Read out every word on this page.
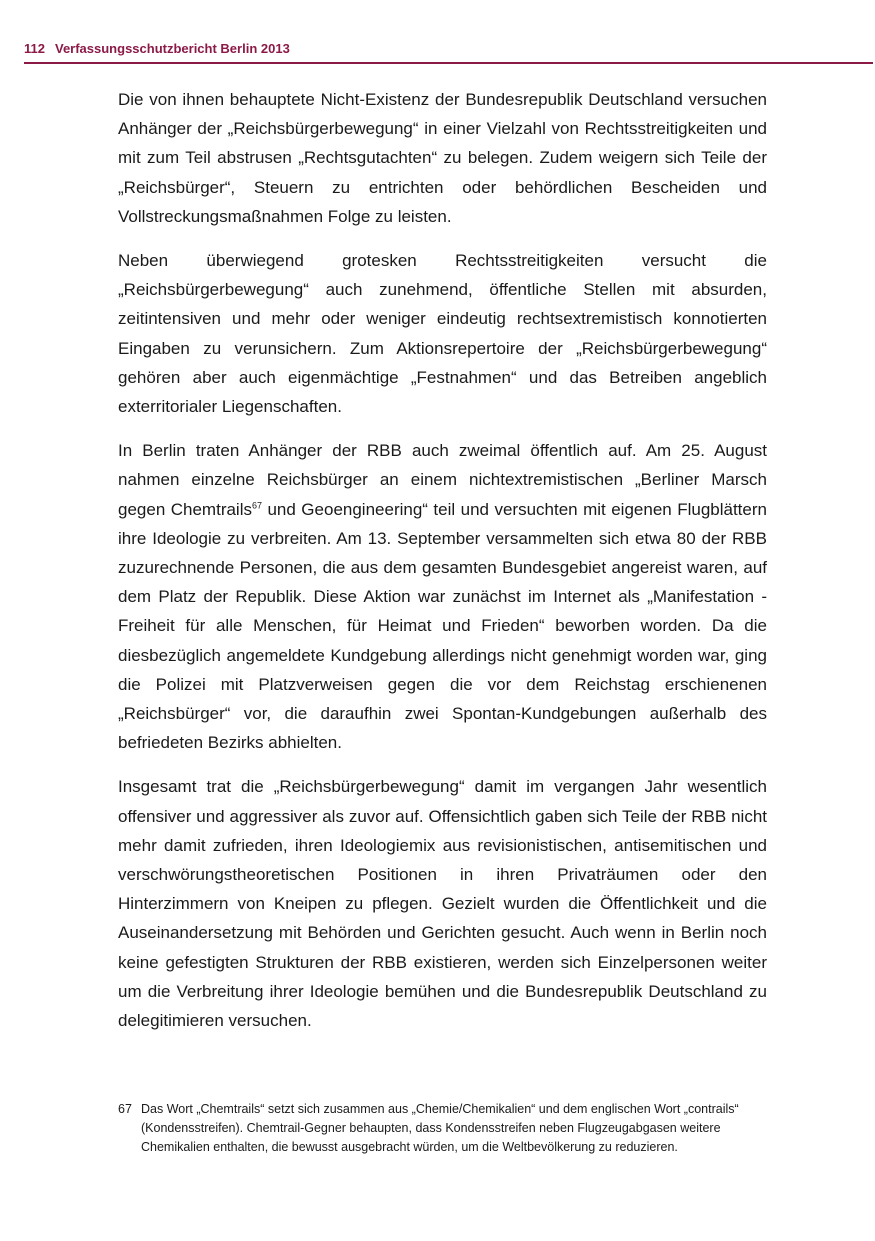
112 Verfassungsschutzbericht Berlin 2013

Die von ihnen behauptete Nicht-Existenz der Bundesrepublik Deutschland versuchen Anhänger der „Reichsbürgerbewegung“ in einer Vielzahl von Rechtsstreitigkeiten und mit zum Teil abstrusen „Rechtsgutachten“ zu belegen. Zudem weigern sich Teile der „Reichsbürger“, Steuern zu entrichten oder behördlichen Bescheiden und Vollstreckungsmaßnahmen Folge zu leisten.

Neben überwiegend grotesken Rechtsstreitigkeiten versucht die „Reichsbürgerbewegung“ auch zunehmend, öffentliche Stellen mit absurden, zeitintensiven und mehr oder weniger eindeutig rechtsextremistisch konnotierten Eingaben zu verunsichern. Zum Aktionsrepertoire der „Reichsbürgerbewegung“ gehören aber auch eigenmächtige „Festnahmen“ und das Betreiben angeblich exterritorialer Liegenschaften.

In Berlin traten Anhänger der RBB auch zweimal öffentlich auf. Am 25. August nahmen einzelne Reichsbürger an einem nichtextremistischen „Berliner Marsch gegen Chemtrails$^{67}$ und Geoengineering“ teil und versuchten mit eigenen Flugblättern ihre Ideologie zu verbreiten. Am 13. September versammelten sich etwa 80 der RBB zuzurechnende Personen, die aus dem gesamten Bundesgebiet angereist waren, auf dem Platz der Republik. Diese Aktion war zunächst im Internet als „Manifestation - Freiheit für alle Menschen, für Heimat und Frieden“ beworben worden. Da die diesbezüglich angemeldete Kundgebung allerdings nicht genehmigt worden war, ging die Polizei mit Platzverweisen gegen die vor dem Reichstag erschienenen „Reichsbürger“ vor, die daraufhin zwei Spontan-Kundgebungen außerhalb des befriedeten Bezirks abhielten.

Insgesamt trat die „Reichsbürgerbewegung“ damit im vergangen Jahr wesentlich offensiver und aggressiver als zuvor auf. Offensichtlich gaben sich Teile der RBB nicht mehr damit zufrieden, ihren Ideologiemix aus revisionistischen, antisemitischen und verschwörungstheoretischen Positionen in ihren Privaträumen oder den Hinterzimmern von Kneipen zu pflegen. Gezielt wurden die Öffentlichkeit und die Auseinandersetzung mit Behörden und Gerichten gesucht. Auch wenn in Berlin noch keine gefestigten Strukturen der RBB existieren, werden sich Einzelpersonen weiter um die Verbreitung ihrer Ideologie bemühen und die Bundesrepublik Deutschland zu delegitimieren versuchen.

67 Das Wort „Chemtrails“ setzt sich zusammen aus „Chemie/Chemikalien“ und dem englischen Wort „contrails“ (Kondensstreifen). Chemtrail-Gegner behaupten, dass Kondensstreifen neben Flugzeugabgasen weitere Chemikalien enthalten, die bewusst ausgebracht würden, um die Weltbevölkerung zu reduzieren.
